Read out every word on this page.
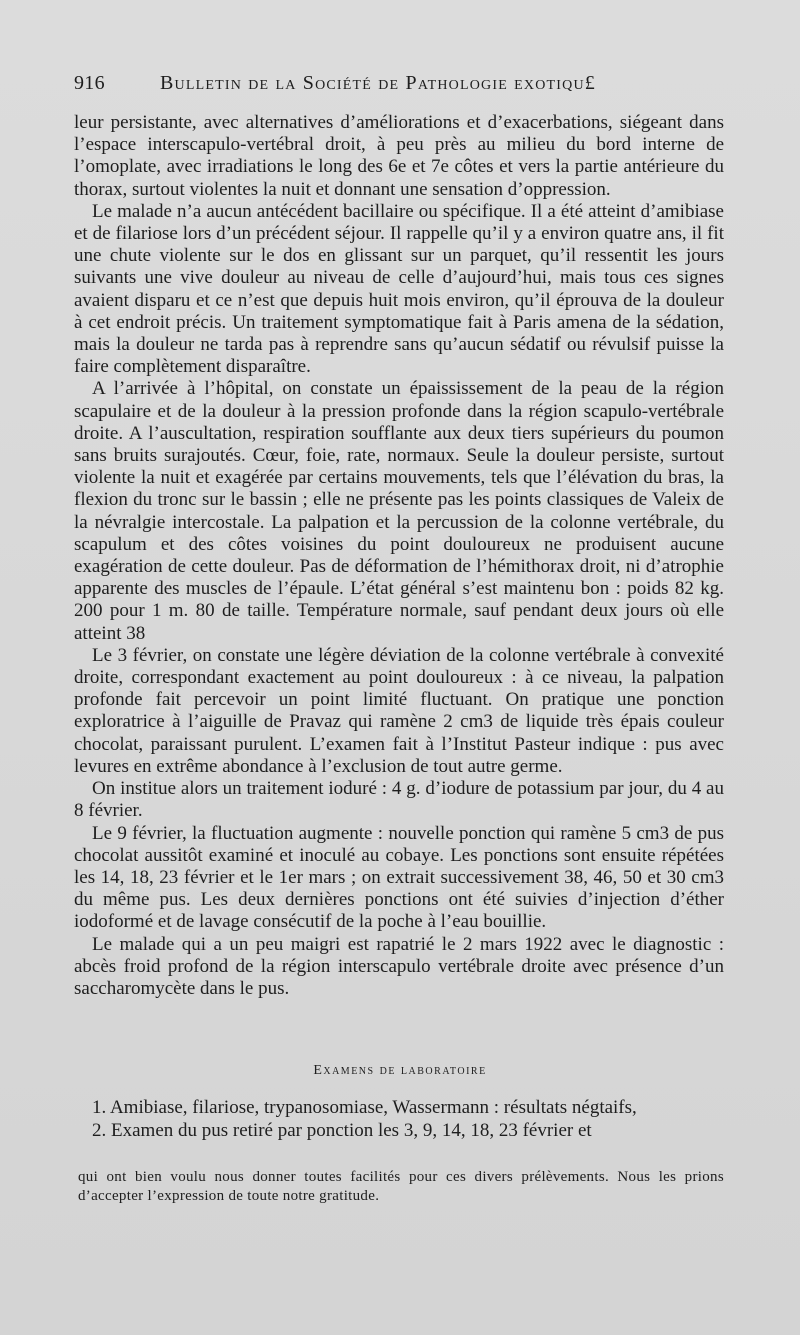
916	Bulletin de la Société de Pathologie exotiqu£

leur persistante, avec alternatives d’améliorations et d’exacerbations, siégeant dans l’espace interscapulo-vertébral droit, à peu près au milieu du bord interne de l’omoplate, avec irradiations le long des 6e et 7e côtes et vers la partie antérieure du thorax, surtout violentes la nuit et donnant une sensation d’oppression.

Le malade n’a aucun antécédent bacillaire ou spécifique. Il a été atteint d’amibiase et de filariose lors d’un précédent séjour. Il rappelle qu’il y a environ quatre ans, il fit une chute violente sur le dos en glissant sur un parquet, qu’il ressentit les jours suivants une vive douleur au niveau de celle d’aujourd’hui, mais tous ces signes avaient disparu et ce n’est que depuis huit mois environ, qu’il éprouva de la douleur à cet endroit précis. Un traitement symptomatique fait à Paris amena de la sédation, mais la douleur ne tarda pas à reprendre sans qu’aucun sédatif ou révulsif puisse la faire complètement disparaître.

A l’arrivée à l’hôpital, on constate un épaississement de la peau de la région scapulaire et de la douleur à la pression profonde dans la région scapulo-vertébrale droite. A l’auscultation, respiration soufflante aux deux tiers supérieurs du poumon sans bruits surajoutés. Cœur, foie, rate, normaux. Seule la douleur persiste, surtout violente la nuit et exagérée par certains mouvements, tels que l’élévation du bras, la flexion du tronc sur le bassin ; elle ne présente pas les points classiques de Valeix de la névralgie intercostale. La palpation et la percussion de la colonne vertébrale, du scapulum et des côtes voisines du point douloureux ne produisent aucune exagération de cette douleur. Pas de déformation de l’hémithorax droit, ni d’atrophie apparente des muscles de l’épaule. L’état général s’est maintenu bon : poids 82 kg. 200 pour 1 m. 80 de taille. Température normale, sauf pendant deux jours où elle atteint 38

Le 3 février, on constate une légère déviation de la colonne vertébrale à convexité droite, correspondant exactement au point douloureux : à ce niveau, la palpation profonde fait percevoir un point limité fluctuant. On pratique une ponction exploratrice à l’aiguille de Pravaz qui ramène 2 cm3 de liquide très épais couleur chocolat, paraissant purulent. L’examen fait à l’Institut Pasteur indique : pus avec levures en extrême abondance à l’exclusion de tout autre germe.

On institue alors un traitement ioduré : 4 g. d’iodure de potassium par jour, du 4 au 8 février.

Le 9 février, la fluctuation augmente : nouvelle ponction qui ramène 5 cm3 de pus chocolat aussitôt examiné et inoculé au cobaye. Les ponctions sont ensuite répétées les 14, 18, 23 février et le 1er mars ; on extrait successivement 38, 46, 50 et 30 cm3 du même pus. Les deux dernières ponctions ont été suivies d’injection d’éther iodoformé et de lavage consécutif de la poche à l’eau bouillie.

Le malade qui a un peu maigri est rapatrié le 2 mars 1922 avec le diagnostic : abcès froid profond de la région interscapulo vertébrale droite avec présence d’un saccharomycète dans le pus.

Examens de laboratoire
1. Amibiase, filariose, trypanosomiase, Wassermann : résultats négtaifs,
2. Examen du pus retiré par ponction les 3, 9, 14, 18, 23 février et
qui ont bien voulu nous donner toutes facilités pour ces divers prélèvements. Nous les prions d’accepter l’expression de toute notre gratitude.
